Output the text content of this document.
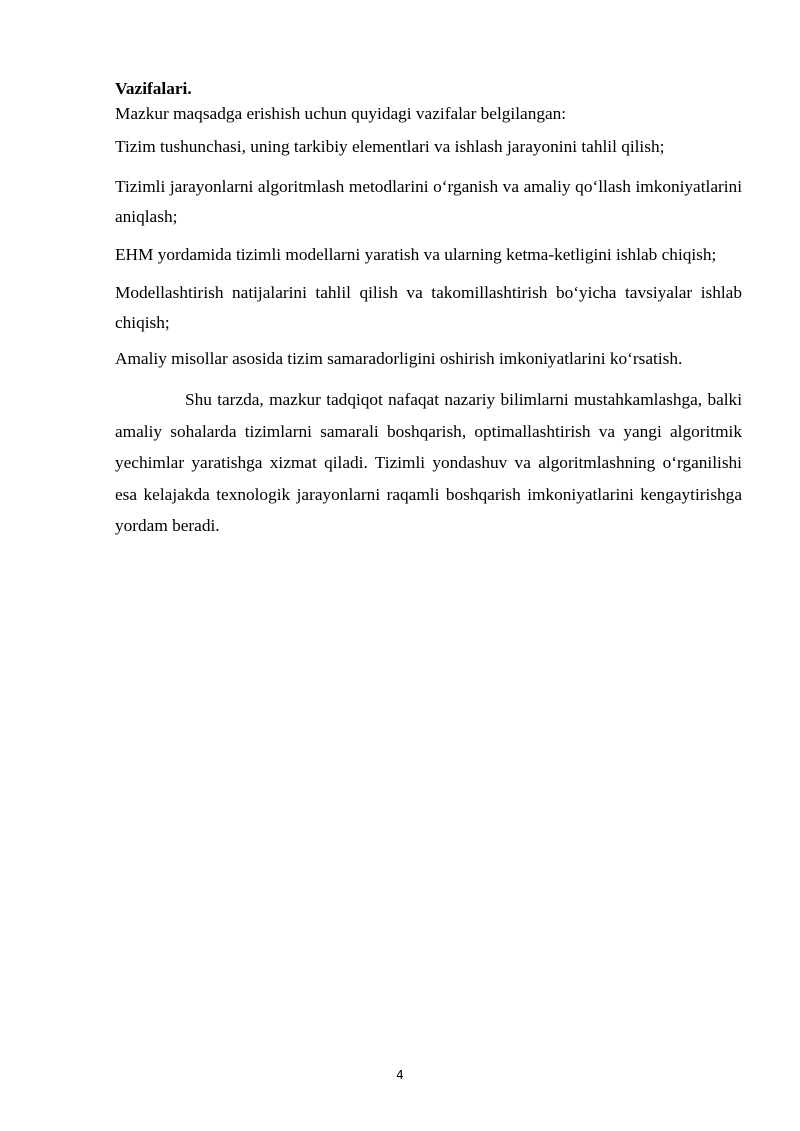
Vazifalari.

Mazkur maqsadga erishish uchun quyidagi vazifalar belgilangan:

Tizim tushunchasi, uning tarkibiy elementlari va ishlash jarayonini tahlil qilish;

Tizimli jarayonlarni algoritmlash metodlarini o‘rganish va amaliy qo‘llash imkoniyatlarini aniqlash;

EHM yordamida tizimli modellarni yaratish va ularning ketma-ketligini ishlab chiqish;

Modellashtirish natijalarini tahlil qilish va takomillashtirish bo‘yicha tavsiyalar ishlab chiqish;

Amaliy misollar asosida tizim samaradorligini oshirish imkoniyatlarini ko‘rsatish.

Shu tarzda, mazkur tadqiqot nafaqat nazariy bilimlarni mustahkamlashga, balki amaliy sohalarda tizimlarni samarali boshqarish, optimallashtirish va yangi algoritmik yechimlar yaratishga xizmat qiladi. Tizimli yondashuv va algoritmlashning o‘rganilishi esa kelajakda texnologik jarayonlarni raqamli boshqarish imkoniyatlarini kengaytirishga yordam beradi.

4
